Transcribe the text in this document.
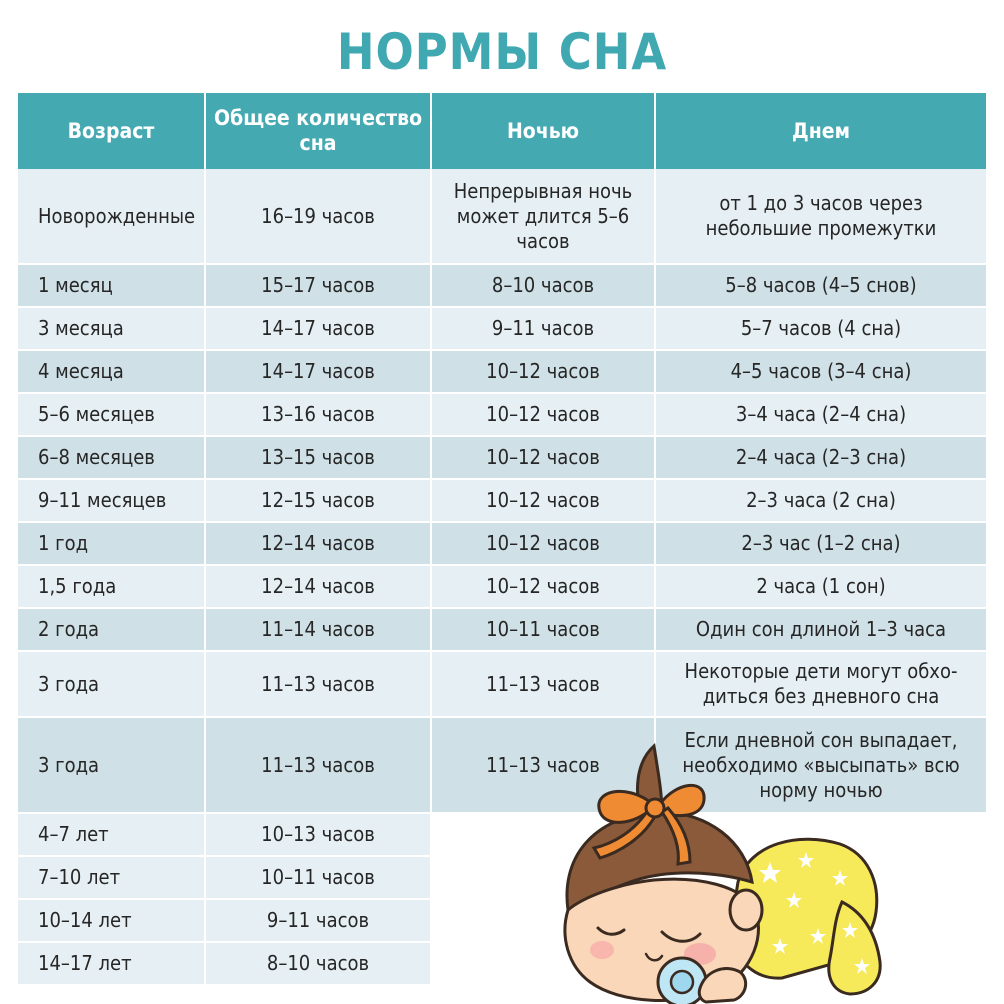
НОРМЫ СНА
Возраст	Общее количество сна	Ночью	Днем
Новорожденные	16–19 часов	Непрерывная ночь может длится 5–6 часов	от 1 до 3 часов через небольшие промежутки
1 месяц	15–17 часов	8–10 часов	5–8 часов (4–5 снов)
3 месяца	14–17 часов	9–11 часов	5–7 часов (4 сна)
4 месяца	14–17 часов	10–12 часов	4–5 часов (3–4 сна)
5–6 месяцев	13–16 часов	10–12 часов	3–4 часа (2–4 сна)
6–8 месяцев	13–15 часов	10–12 часов	2–4 часа (2–3 сна)
9–11 месяцев	12–15 часов	10–12 часов	2–3 часа (2 сна)
1 год	12–14 часов	10–12 часов	2–3 час (1–2 сна)
1,5 года	12–14 часов	10–12 часов	2 часа (1 сон)
2 года	11–14 часов	10–11 часов	Один сон длиной 1–3 часа
3 года	11–13 часов	11–13 часов	Некоторые дети могут обхо-диться без дневного сна
3 года	11–13 часов	11–13 часов	Если дневной сон выпадает, необходимо «высыпать» всю норму ночью
4–7 лет	10–13 часов		
7–10 лет	10–11 часов		
10–14 лет	9–11 часов		
14–17 лет	8–10 часов		
